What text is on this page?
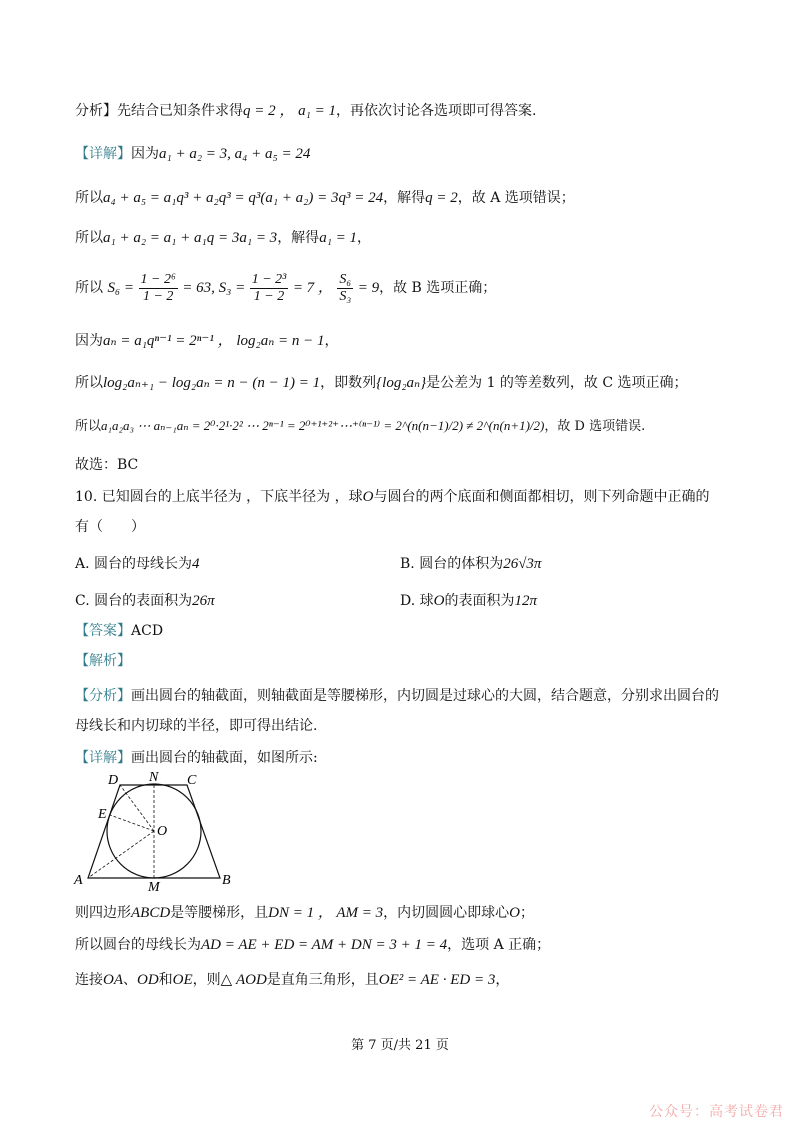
分析】先结合已知条件求得q = 2 ， a₁ = 1，再依次讨论各选项即可得答案.
【详解】因为a₁ + a₂ = 3, a₄ + a₅ = 24
所以a₄ + a₅ = a₁q³ + a₂q³ = q³(a₁ + a₂) = 3q³ = 24，解得q = 2，故 A 选项错误；
所以a₁ + a₂ = a₁ + a₁q = 3a₁ = 3，解得a₁ = 1，
所以 $S_6 = \frac{\text{1 − 2⁶}}{1 - 2} = 63$, $S_3 = \frac{\text{1 − 2³}}{1 - 2} = 7$ ， $\frac{\text{S₆}}{\text{S₃}} = 9$，故 B 选项正确；
因为aₙ = a₁qⁿ⁻¹ = 2ⁿ⁻¹ ， log₂aₙ = n − 1，
所以log₂aₙ₊₁ − log₂aₙ = n − (n − 1) = 1，即数列{log₂aₙ}是公差为 1 的等差数列，故 C 选项正确；
所以a₁a₂a₃ ⋯ aₙ₋₁aₙ = 2⁰·2¹·2² ⋯ 2ⁿ⁻¹ = 2⁰⁺¹⁺²⁺⋯⁺⁽ⁿ⁻¹⁾ = 2^(n(n−1)/2) ≠ 2^(n(n+1)/2)，故 D 选项错误.
故选：BC
10. 已知圆台的上底半径为 ，下底半径为 ，球O与圆台的两个底面和侧面都相切，则下列命题中正确的
有（　　）
A. 圆台的母线长为4	B. 圆台的体积为26√3π
C. 圆台的表面积为26π	D. 球O的表面积为12π
【答案】ACD
【解析】
【分析】画出圆台的轴截面，则轴截面是等腰梯形，内切圆是过球心的大圆，结合题意，分别求出圆台的
母线长和内切球的半径，即可得出结论.
【详解】画出圆台的轴截面，如图所示:
D N C
E
O
A	M	B
则四边形ABCD是等腰梯形，且DN = 1 ， AM = 3，内切圆圆心即球心O；
所以圆台的母线长为AD = AE + ED = AM + DN = 3 + 1 = 4，选项 A 正确；
连接OA、OD和OE，则△ AOD是直角三角形，且OE² = AE · ED = 3，
第 7 页/共 21 页
公众号：高考试卷君
